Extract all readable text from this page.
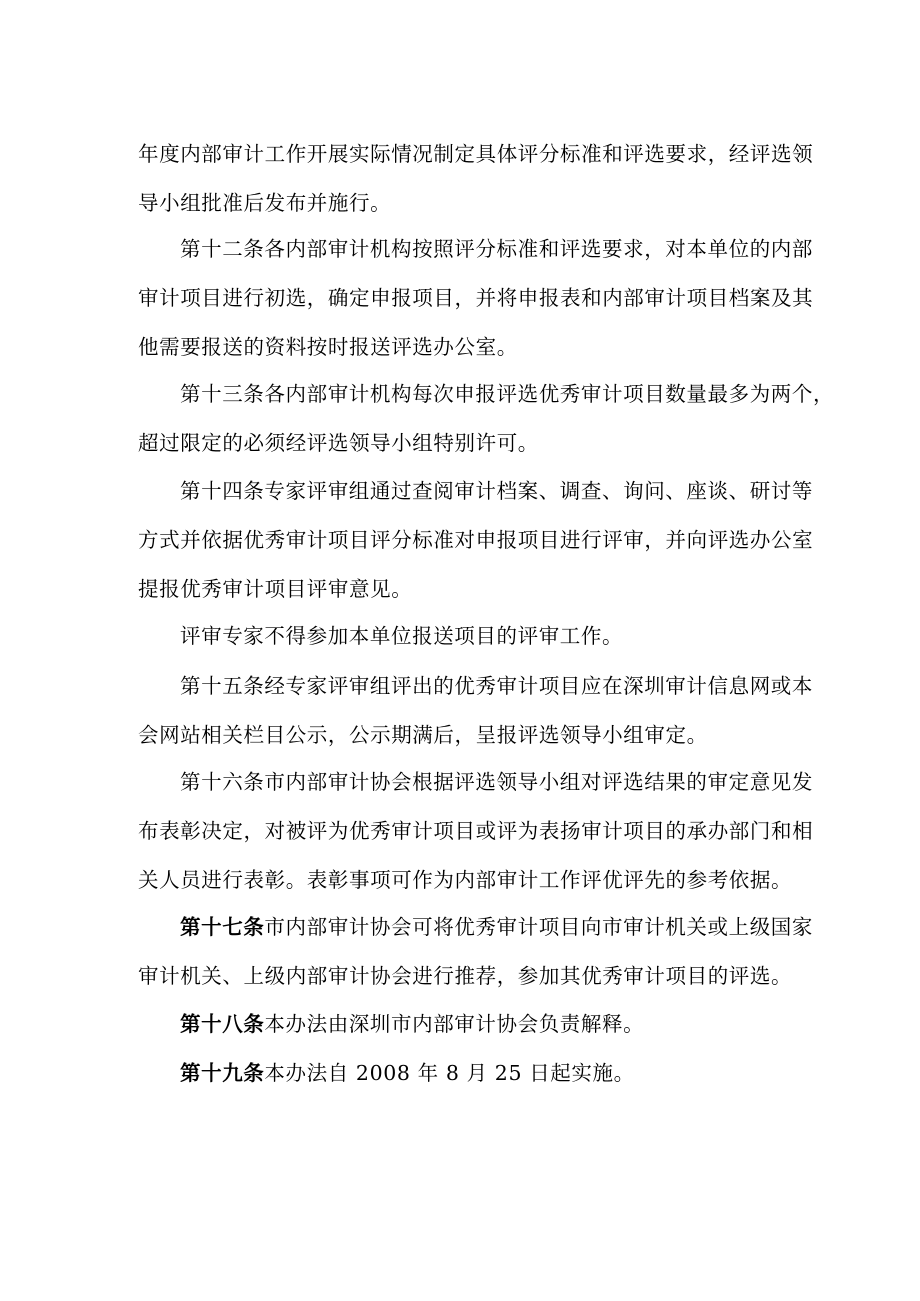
年度内部审计工作开展实际情况制定具体评分标准和评选要求，经评选领
导小组批准后发布并施行。
第十二条各内部审计机构按照评分标准和评选要求，对本单位的内部
审计项目进行初选，确定申报项目，并将申报表和内部审计项目档案及其
他需要报送的资料按时报送评选办公室。
第十三条各内部审计机构每次申报评选优秀审计项目数量最多为两个，
超过限定的必须经评选领导小组特别许可。
第十四条专家评审组通过查阅审计档案、调查、询问、座谈、研讨等
方式并依据优秀审计项目评分标准对申报项目进行评审，并向评选办公室
提报优秀审计项目评审意见。
评审专家不得参加本单位报送项目的评审工作。
第十五条经专家评审组评出的优秀审计项目应在深圳审计信息网或本
会网站相关栏目公示，公示期满后，呈报评选领导小组审定。
第十六条市内部审计协会根据评选领导小组对评选结果的审定意见发
布表彰决定，对被评为优秀审计项目或评为表扬审计项目的承办部门和相
关人员进行表彰。表彰事项可作为内部审计工作评优评先的参考依据。
第十七条市内部审计协会可将优秀审计项目向市审计机关或上级国家
审计机关、上级内部审计协会进行推荐，参加其优秀审计项目的评选。
第十八条本办法由深圳市内部审计协会负责解释。
第十九条本办法自 2008 年 8 月 25 日起实施。
